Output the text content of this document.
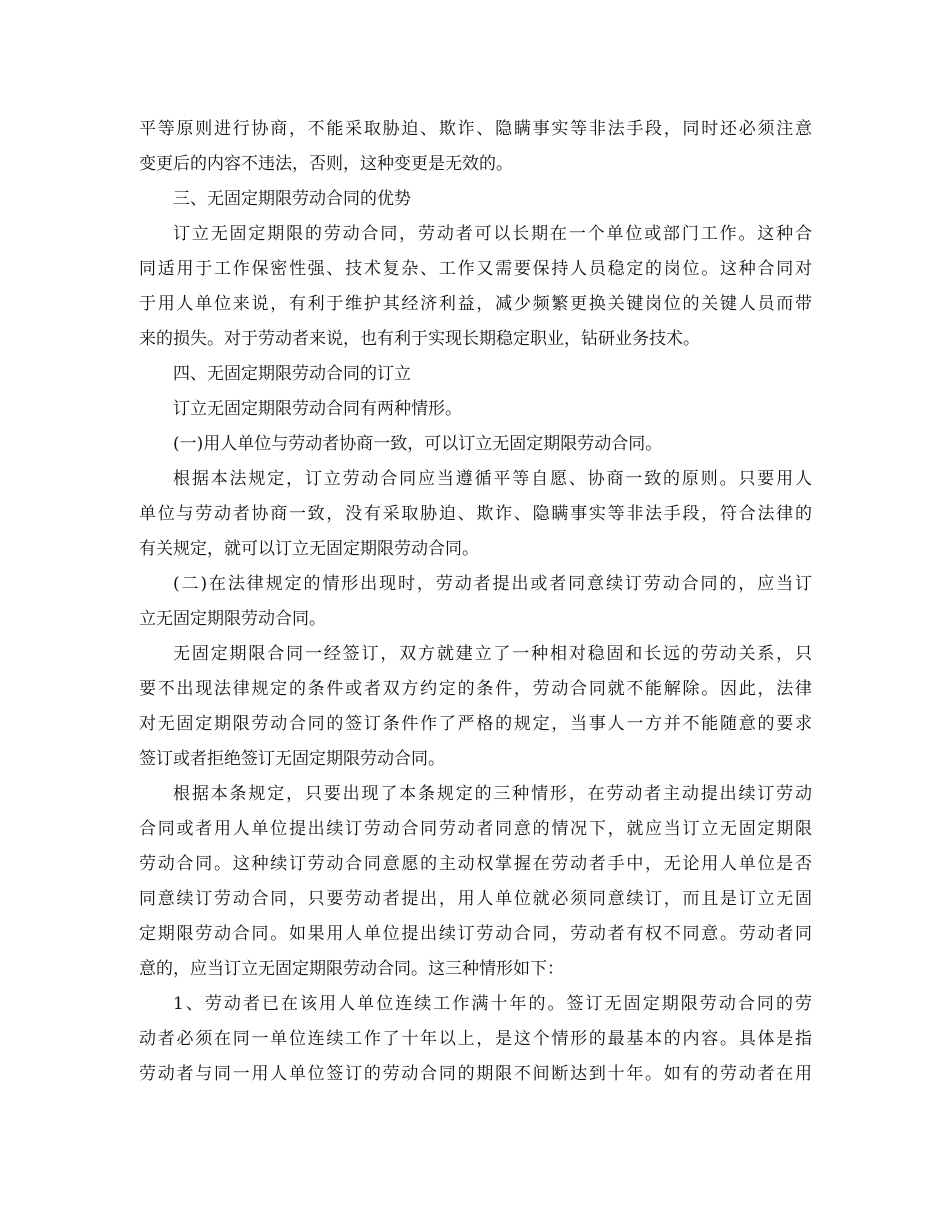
平等原则进行协商，不能采取胁迫、欺诈、隐瞒事实等非法手段，同时还必须注意
变更后的内容不违法，否则，这种变更是无效的。
三、无固定期限劳动合同的优势
订立无固定期限的劳动合同，劳动者可以长期在一个单位或部门工作。这种合
同适用于工作保密性强、技术复杂、工作又需要保持人员稳定的岗位。这种合同对
于用人单位来说，有利于维护其经济利益，减少频繁更换关键岗位的关键人员而带
来的损失。对于劳动者来说，也有利于实现长期稳定职业，钻研业务技术。
四、无固定期限劳动合同的订立
订立无固定期限劳动合同有两种情形。
(一)用人单位与劳动者协商一致，可以订立无固定期限劳动合同。
根据本法规定，订立劳动合同应当遵循平等自愿、协商一致的原则。只要用人
单位与劳动者协商一致，没有采取胁迫、欺诈、隐瞒事实等非法手段，符合法律的
有关规定，就可以订立无固定期限劳动合同。
(二)在法律规定的情形出现时，劳动者提出或者同意续订劳动合同的，应当订
立无固定期限劳动合同。
无固定期限合同一经签订，双方就建立了一种相对稳固和长远的劳动关系，只
要不出现法律规定的条件或者双方约定的条件，劳动合同就不能解除。因此，法律
对无固定期限劳动合同的签订条件作了严格的规定，当事人一方并不能随意的要求
签订或者拒绝签订无固定期限劳动合同。
根据本条规定，只要出现了本条规定的三种情形，在劳动者主动提出续订劳动
合同或者用人单位提出续订劳动合同劳动者同意的情况下，就应当订立无固定期限
劳动合同。这种续订劳动合同意愿的主动权掌握在劳动者手中，无论用人单位是否
同意续订劳动合同，只要劳动者提出，用人单位就必须同意续订，而且是订立无固
定期限劳动合同。如果用人单位提出续订劳动合同，劳动者有权不同意。劳动者同
意的，应当订立无固定期限劳动合同。这三种情形如下：
1、劳动者已在该用人单位连续工作满十年的。签订无固定期限劳动合同的劳
动者必须在同一单位连续工作了十年以上，是这个情形的最基本的内容。具体是指
劳动者与同一用人单位签订的劳动合同的期限不间断达到十年。如有的劳动者在用
